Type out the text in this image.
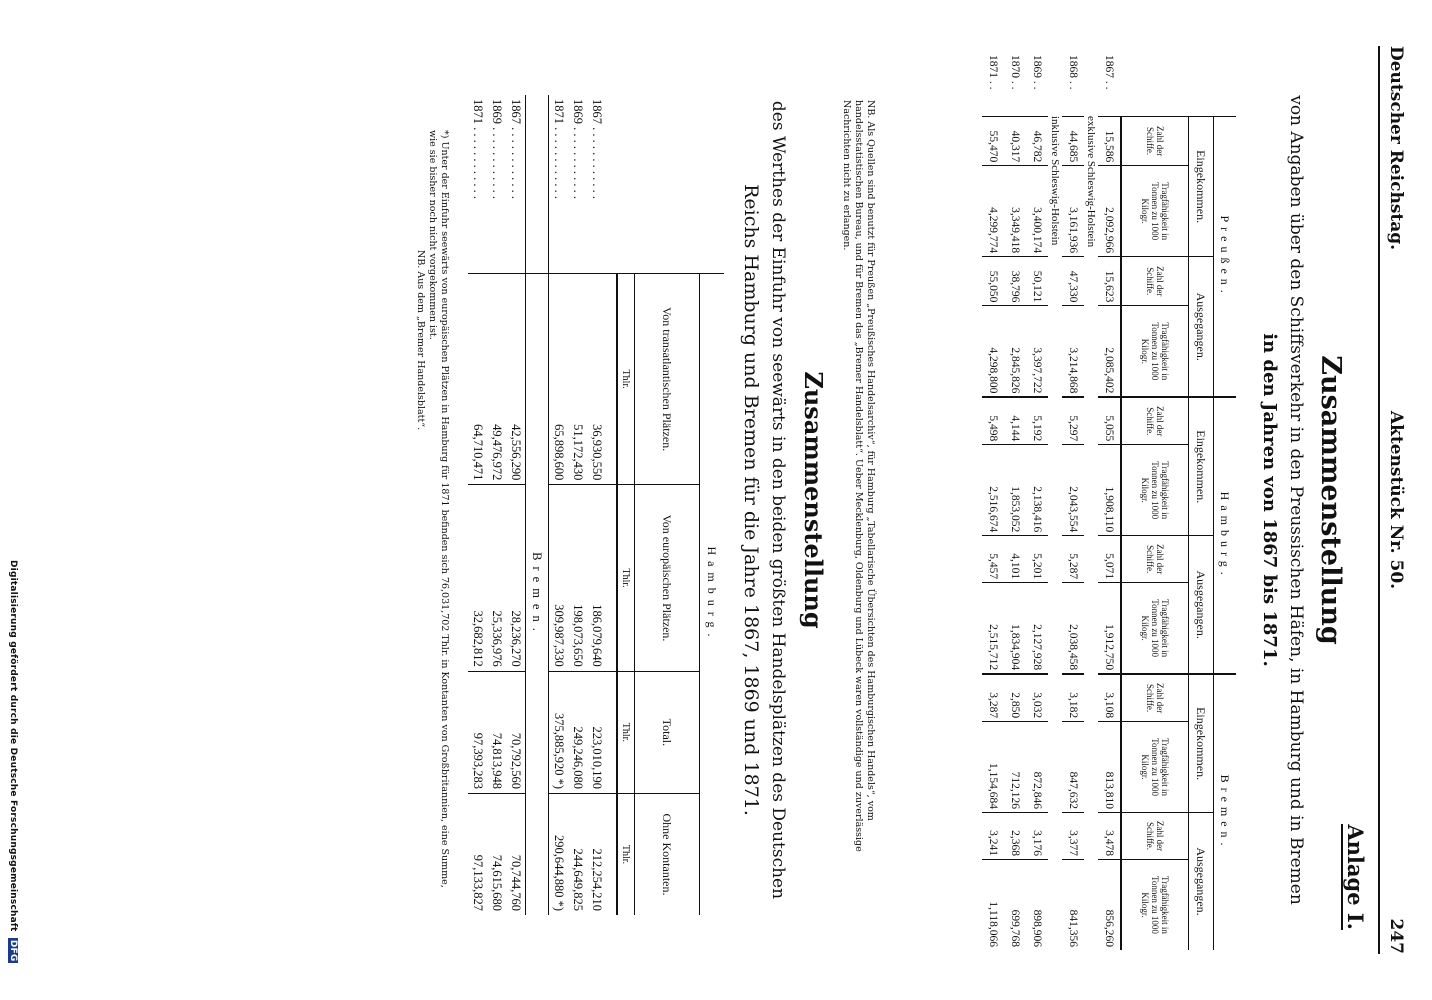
Deutscher Reichstag.
Aktenstück Nr. 50.
247
Anlage I.
Zusammenstellung
von Angaben über den Schiffsverkehr in den Preussischen Häfen, in Hamburg und in Bremen
in den Jahren von 1867 bis 1871.
	Preußen.				Hamburg.				Bremen.			
	Eingekommen.		Ausgegangen.		Eingekommen.		Ausgegangen.		Eingekommen.		Ausgegangen.	
	Zahl der Schiffe.	Tragfähigkeit in Tonnen zu 1000 Kilogr.	Zahl der Schiffe.	Tragfähigkeit in Tonnen zu 1000 Kilogr.	Zahl der Schiffe.	Tragfähigkeit in Tonnen zu 1000 Kilogr.	Zahl der Schiffe.	Tragfähigkeit in Tonnen zu 1000 Kilogr.	Zahl der Schiffe.	Tragfähigkeit in Tonnen zu 1000 Kilogr.	Zahl der Schiffe.	Tragfähigkeit in Tonnen zu 1000 Kilogr.
1867 . .	15,586	2,092,966	15,623	2,085,402	5,055	1,908,110	5,071	1,912,750	3,108	813,810	3,478	856,260
exklusive Schleswig-Holstein												
1868 . .	44,685	3,161,936	47,330	3,214,868	5,297	2,043,554	5,287	2,038,458	3,182	847,632	3,377	841,356
inklusive Schleswig-Holstein												
1869 . .	46,782	3,400,174	50,121	3,397,722	5,192	2,138,416	5,201	2,127,928	3,032	872,846	3,176	898,906
1870 . .	40,317	3,349,418	38,796	2,845,826	4,144	1,853,052	4,101	1,834,904	2,850	712,126	2,368	699,768
1871 . .	55,470	4,299,774	55,050	4,298,800	5,498	2,516,674	5,457	2,515,712	3,287	1,154,684	3,241	1,118,066
NB. Als Quellen sind benutzt für Preußen „Preußisches Handelsarchiv“, für Hamburg „Tabellarische Übersichten des Hamburgischen Handels“, vom handelsstatistischen Bureau, und für Bremen das „Bremer Handelsblatt“. Ueber Mecklenburg, Oldenburg und Lübeck waren vollständige und zuverlässige Nachrichten nicht zu erlangen.
Zusammenstellung
des Werthes der Einfuhr von seewärts in den beiden größten Handelsplätzen des Deutschen
Reichs Hamburg und Bremen für die Jahre 1867, 1869 und 1871.
	Hamburg.			
	Von transatlantischen Plätzen.	Von europäischen Plätzen.	Total.	Ohne Kontanten.
	Thlr.	Thlr.	Thlr.	Thlr.

1867 . . . . . . . . . . . .	36,930,550	186,079,640	223,010,190	212,254,210
1869 . . . . . . . . . . . .	51,172,430	198,073,650	249,246,080	244,649,825
1871 . . . . . . . . . . . .	65,898,600	309,987,330	375,885,920 *)	290,644,880 *)
	Bremen.			
1867 . . . . . . . . . . . .	42,556,290	28,236,270	70,792,560	70,744,760
1869 . . . . . . . . . . . .	49,476,972	25,336,976	74,813,948	74,615,680
1871 . . . . . . . . . . . .	64,710,471	32,682,812	97,393,283	97,133,827
*) Unter der Einfuhr seewärts von europäischen Plätzen in Hamburg für 1871 befinden sich 76,031,702 Thlr. in Kontanten von Großbritannien, eine Summe, wie sie bisher noch nicht vorgekommen ist.
NB. Aus dem „Bremer Handelsblatt“.
Digitalisierung gefördert durch die Deutsche Forschungsgemeinschaft DFG
